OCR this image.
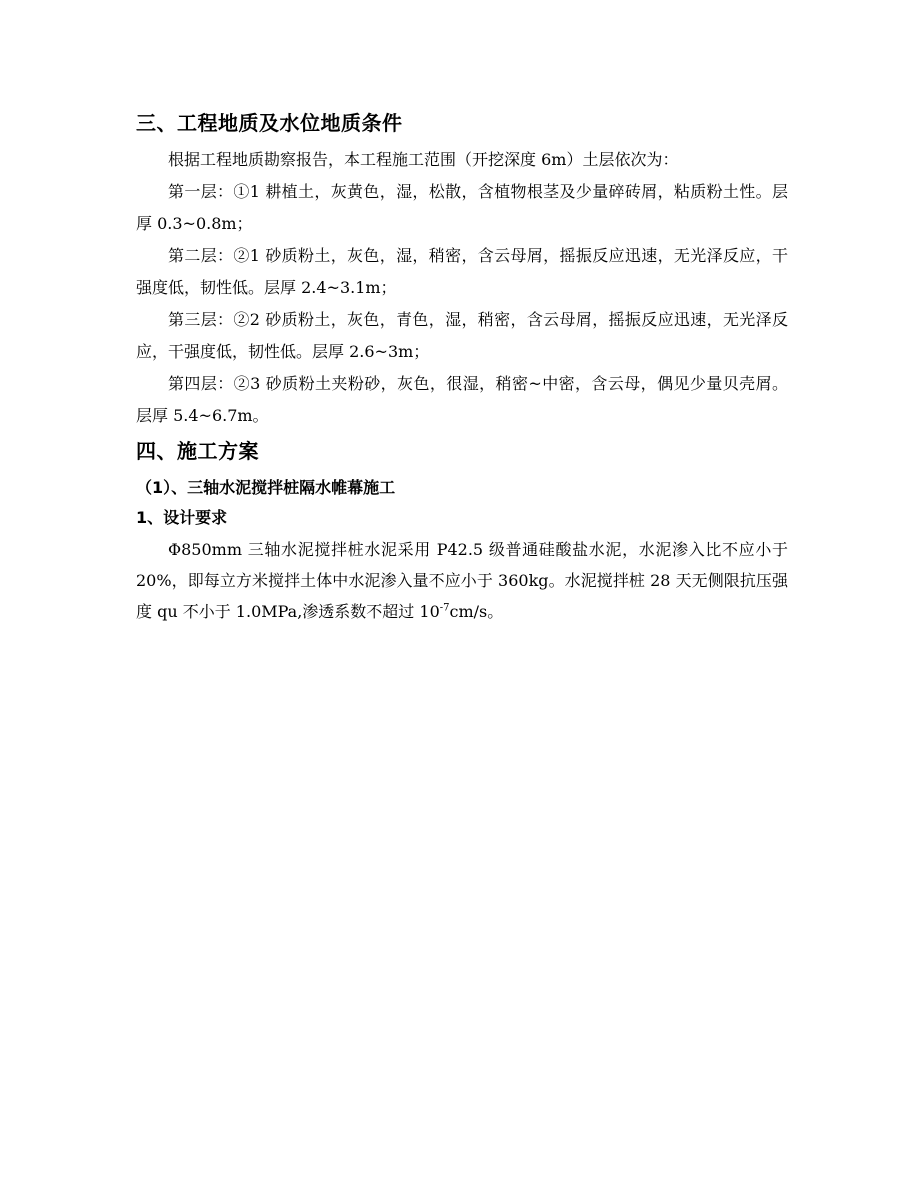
三、工程地质及水位地质条件

根据工程地质勘察报告，本工程施工范围（开挖深度 6m）土层依次为：

第一层：①1 耕植土，灰黄色，湿，松散，含植物根茎及少量碎砖屑，粘质粉土性。层厚 0.3~0.8m；

第二层：②1 砂质粉土，灰色，湿，稍密，含云母屑，摇振反应迅速，无光泽反应，干强度低，韧性低。层厚 2.4~3.1m；

第三层：②2 砂质粉土，灰色，青色，湿，稍密，含云母屑，摇振反应迅速，无光泽反应，干强度低，韧性低。层厚 2.6~3m；

第四层：②3 砂质粉土夹粉砂，灰色，很湿，稍密~中密，含云母，偶见少量贝壳屑。层厚 5.4~6.7m。

四、施工方案
（1）、三轴水泥搅拌桩隔水帷幕施工
1、设计要求

Φ850mm 三轴水泥搅拌桩水泥采用 P42.5 级普通硅酸盐水泥，水泥渗入比不应小于 20%，即每立方米搅拌土体中水泥渗入量不应小于 360kg。水泥搅拌桩 28 天无侧限抗压强度 qu 不小于 1.0MPa,渗透系数不超过 $10^{-7}cm/s$。
